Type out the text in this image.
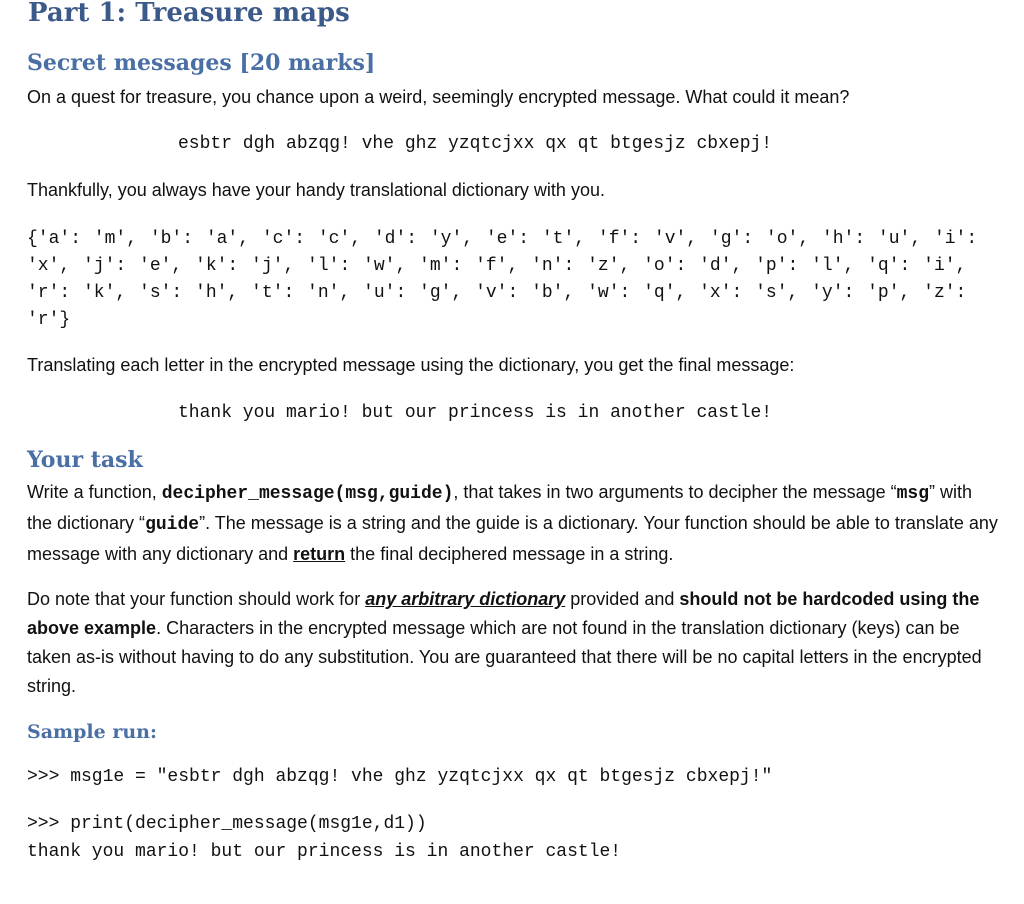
Part 1: Treasure maps
Secret messages [20 marks]
On a quest for treasure, you chance upon a weird, seemingly encrypted message. What could it mean?
esbtr dgh abzqg! vhe ghz yzqtcjxx qx qt btgesjz cbxepj!
Thankfully, you always have your handy translational dictionary with you.
{'a': 'm', 'b': 'a', 'c': 'c', 'd': 'y', 'e': 't', 'f': 'v', 'g': 'o', 'h': 'u', 'i': 'x', 'j': 'e', 'k': 'j', 'l': 'w', 'm': 'f', 'n': 'z', 'o': 'd', 'p': 'l', 'q': 'i', 'r': 'k', 's': 'h', 't': 'n', 'u': 'g', 'v': 'b', 'w': 'q', 'x': 's', 'y': 'p', 'z': 'r'}
Translating each letter in the encrypted message using the dictionary, you get the final message:
thank you mario! but our princess is in another castle!
Your task
Write a function, decipher_message(msg,guide), that takes in two arguments to decipher the message “msg” with the dictionary “guide”. The message is a string and the guide is a dictionary. Your function should be able to translate any message with any dictionary and return the final deciphered message in a string.
Do note that your function should work for any arbitrary dictionary provided and should not be hardcoded using the above example. Characters in the encrypted message which are not found in the translation dictionary (keys) can be taken as-is without having to do any substitution. You are guaranteed that there will be no capital letters in the encrypted string.
Sample run:
>>> msg1e = "esbtr dgh abzqg! vhe ghz yzqtcjxx qx qt btgesjz cbxepj!"
>>> print(decipher_message(msg1e,d1))
thank you mario! but our princess is in another castle!
